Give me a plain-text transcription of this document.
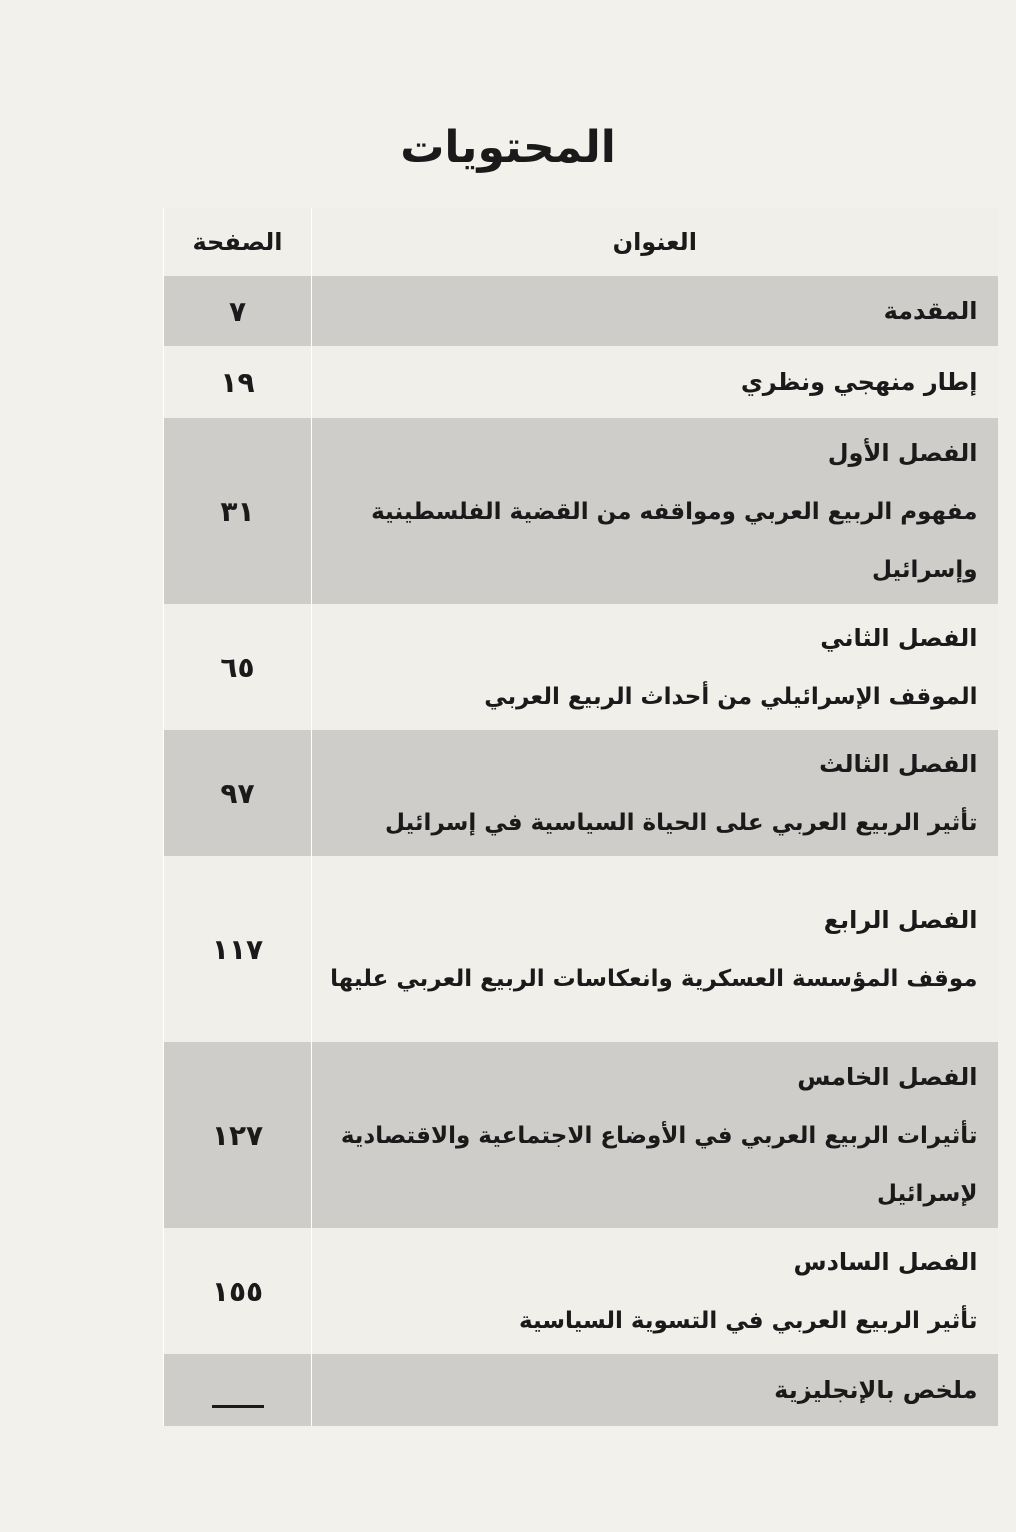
المحتويات
العنوان	الصفحة

المقدمة	٧

إطار منهجي ونظري	١٩

الفصل الأول
مفهوم الربيع العربي ومواقفه من القضية الفلسطينية وإسرائيل	٣١

الفصل الثاني
الموقف الإسرائيلي من أحداث الربيع العربي	٦٥

الفصل الثالث
تأثير الربيع العربي على الحياة السياسية في إسرائيل	٩٧

الفصل الرابع
موقف المؤسسة العسكرية وانعكاسات الربيع العربي عليها	١١٧

الفصل الخامس
تأثيرات الربيع العربي في الأوضاع الاجتماعية والاقتصادية لإسرائيل	١٢٧

الفصل السادس
تأثير الربيع العربي في التسوية السياسية	١٥٥

ملخص بالإنجليزية	
